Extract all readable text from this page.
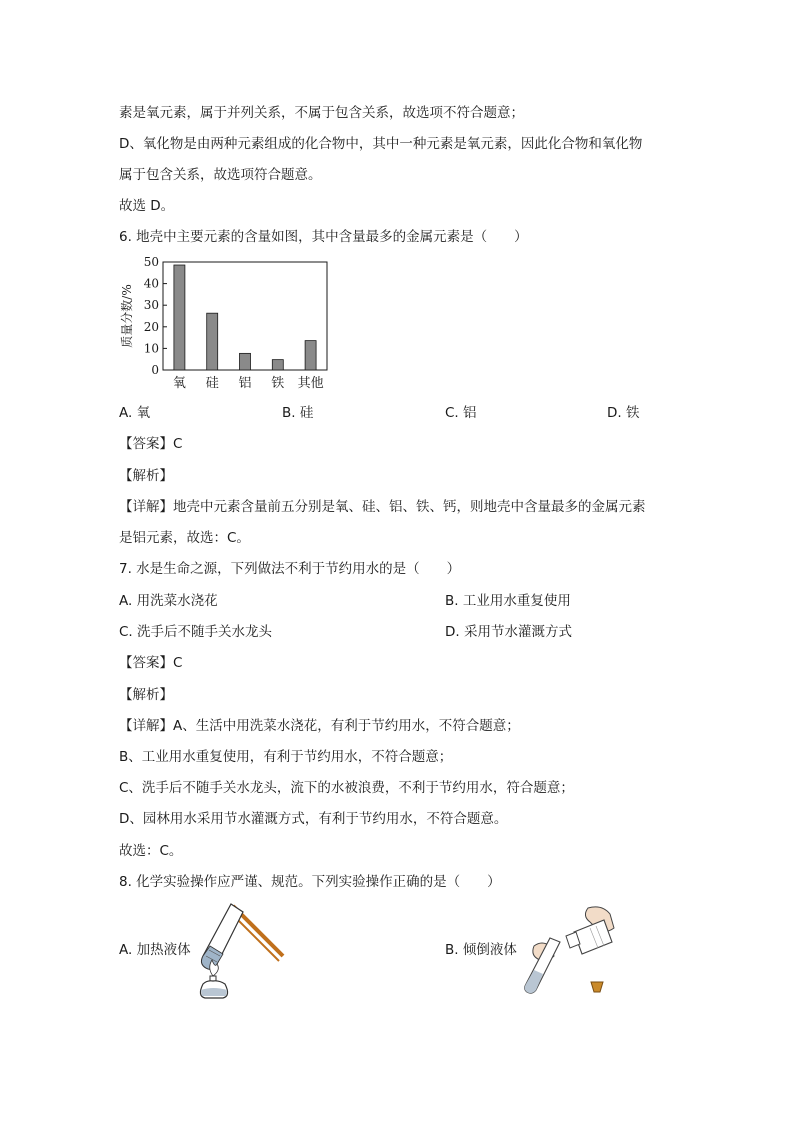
素是氧元素，属于并列关系，不属于包含关系，故选项不符合题意；
D、氧化物是由两种元素组成的化合物中，其中一种元素是氧元素，因此化合物和氧化物
属于包含关系，故选项符合题意。
故选 D。
6. 地壳中主要元素的含量如图，其中含量最多的金属元素是（　　）
质量分数/%
0
10
20
30
40
50
氧 硅 铝 铁 其他
A. 氧	B. 硅	C. 铝	D. 铁
【答案】C
【解析】
【详解】地壳中元素含量前五分别是氧、硅、铝、铁、钙，则地壳中含量最多的金属元素
是铝元素，故选：C。
7. 水是生命之源，下列做法不利于节约用水的是（　　）
A. 用洗菜水浇花	B. 工业用水重复使用
C. 洗手后不随手关水龙头	D. 采用节水灌溉方式
【答案】C
【解析】
【详解】A、生活中用洗菜水浇花，有利于节约用水，不符合题意；
B、工业用水重复使用，有利于节约用水，不符合题意；
C、洗手后不随手关水龙头，流下的水被浪费，不利于节约用水，符合题意；
D、园林用水采用节水灌溉方式，有利于节约用水，不符合题意。
故选：C。
8. 化学实验操作应严谨、规范。下列实验操作正确的是（　　）
A. 加热液体	B. 倾倒液体
